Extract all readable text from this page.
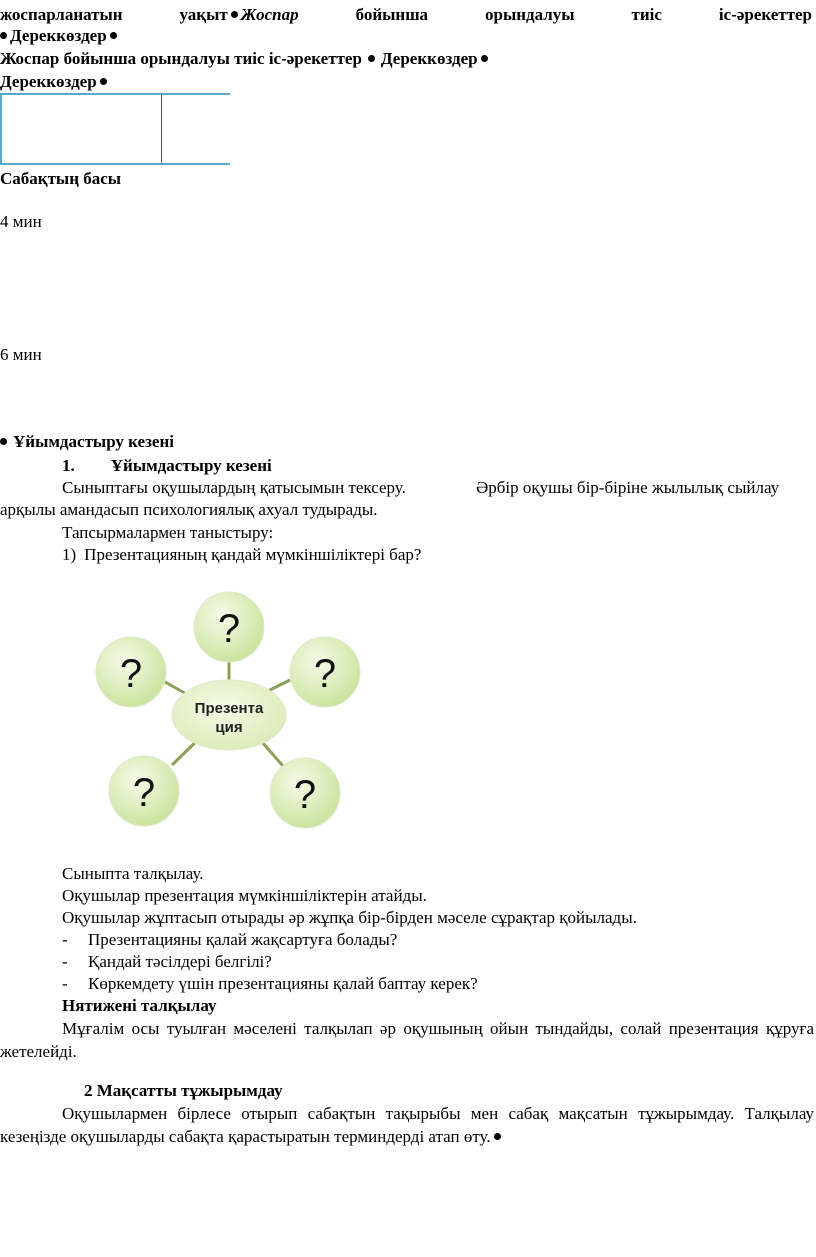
жоспарланатын	уақыт Жоспар	бойынша	орындалуы	тиіс	іс-әрекеттер
Дереккөздер
Жоспар бойынша орындалуы тиіс іс-әрекеттер Дереккөздер
Дереккөздер

Сабақтың басы
4 мин
6 мин
Ұйымдастыру кезені
1. Ұйымдастыру кезені
Сыныптағы оқушылардың қатысымын тексеру.	Әрбір оқушы бір-біріне жылылық сыйлау
арқылы амандасып психологиялық ахуал тудырады.
Тапсырмалармен таныстыру:
1) Презентацияның қандай мүмкіншіліктері бар?
?
?	?
?	?
Презента
ция
Сыныпта талқылау.
Оқушылар презентация мүмкіншіліктерін атайды.
Оқушылар жұптасып отырады әр жұпқа бір-бірден мәселе сұрақтар қойылады.
- Презентацияны қалай жақсартуға болады?
- Қандай тәсілдері белгілі?
- Көркемдету үшін презентацияны қалай баптау керек?
Нятижені талқылау
Мұғалім осы туылған мәселені талқылап әр оқушының ойын тындайды, солай презентация құруға жетелейді.
2 Мақсатты тұжырымдау
Оқушылармен бірлесе отырып сабақтын тақырыбы мен сабақ мақсатын тұжырымдау. Талқылау кезеңізде оқушыларды сабақта қарастыратын терминдерді атап өту.
